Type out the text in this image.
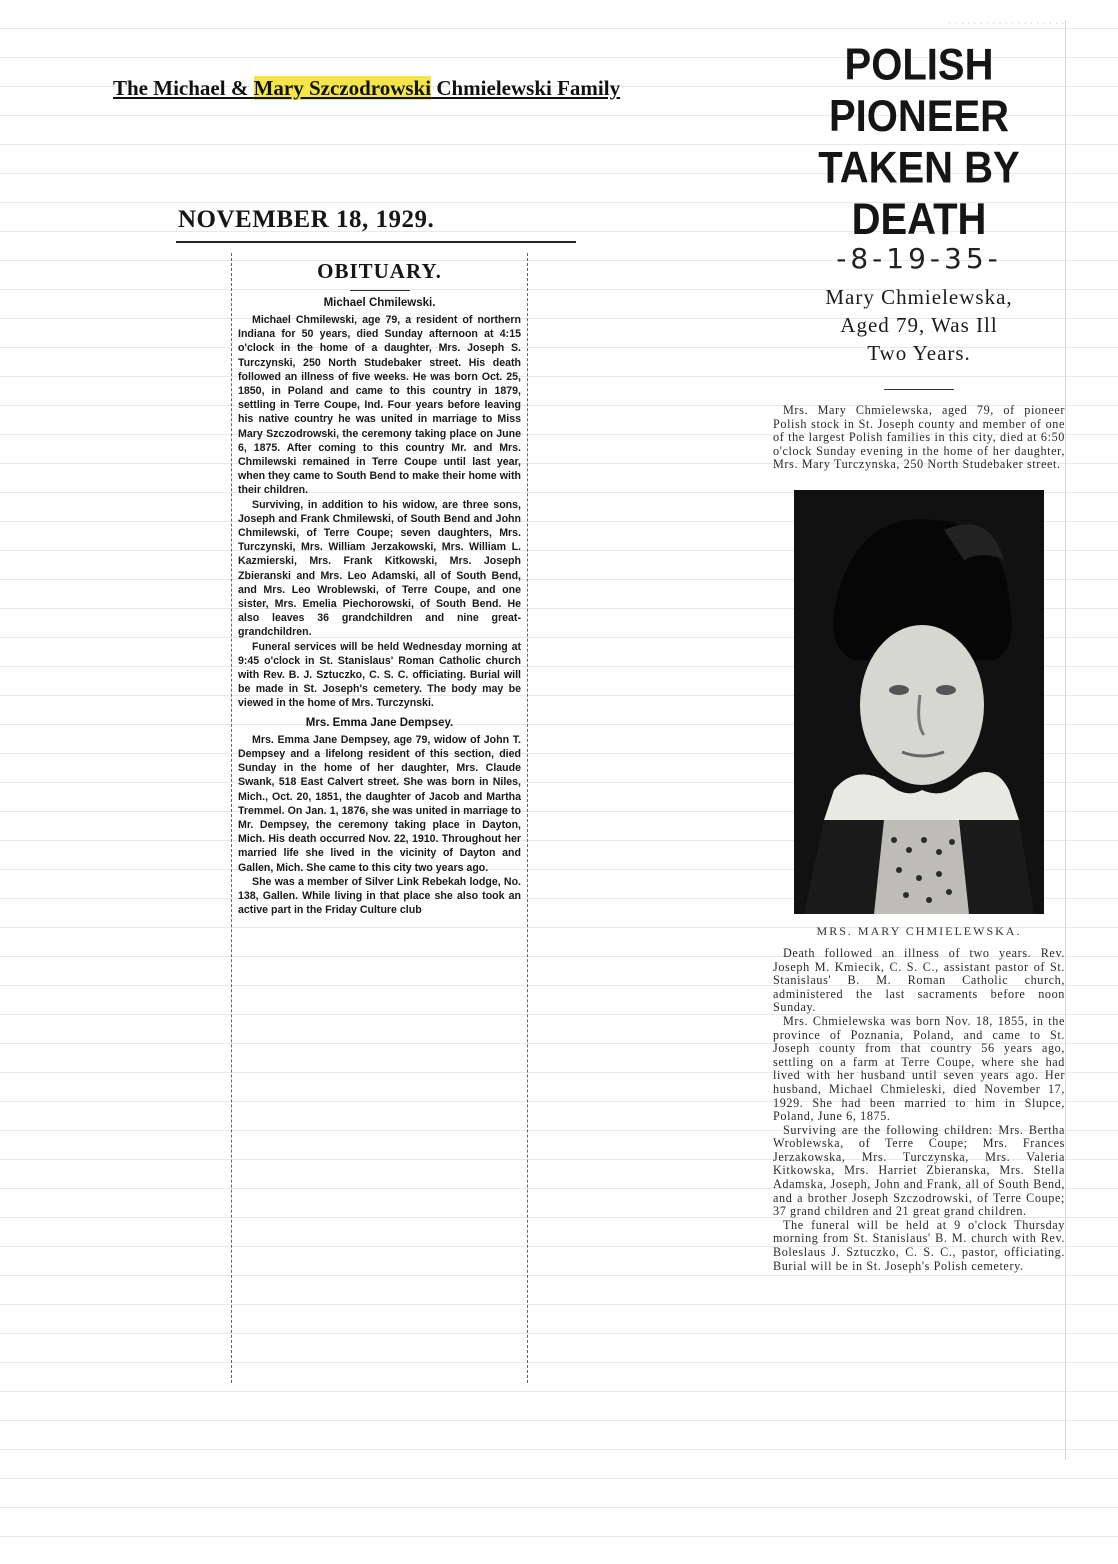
The Michael & Mary Szczodrowski Chmielewski Family
NOVEMBER 18, 1929.
OBITUARY.
Michael Chmilewski.

Michael Chmilewski, age 79, a resident of northern Indiana for 50 years, died Sunday afternoon at 4:15 o'clock in the home of a daughter, Mrs. Joseph S. Turczynski, 250 North Studebaker street. His death followed an illness of five weeks. He was born Oct. 25, 1850, in Poland and came to this country in 1879, settling in Terre Coupe, Ind. Four years before leaving his native country he was united in marriage to Miss Mary Szczodrowski, the ceremony taking place on June 6, 1875. After coming to this country Mr. and Mrs. Chmilewski remained in Terre Coupe until last year, when they came to South Bend to make their home with their children.

Surviving, in addition to his widow, are three sons, Joseph and Frank Chmilewski, of South Bend and John Chmilewski, of Terre Coupe; seven daughters, Mrs. Turczynski, Mrs. William Jerzakowski, Mrs. William L. Kazmierski, Mrs. Frank Kitkowski, Mrs. Joseph Zbieranski and Mrs. Leo Adamski, all of South Bend, and Mrs. Leo Wroblewski, of Terre Coupe, and one sister, Mrs. Emelia Piechorowski, of South Bend. He also leaves 36 grandchildren and nine great-grandchildren.

Funeral services will be held Wednesday morning at 9:45 o'clock in St. Stanislaus' Roman Catholic church with Rev. B. J. Sztuczko, C. S. C. officiating. Burial will be made in St. Joseph's cemetery. The body may be viewed in the home of Mrs. Turczynski.

Mrs. Emma Jane Dempsey.

Mrs. Emma Jane Dempsey, age 79, widow of John T. Dempsey and a lifelong resident of this section, died Sunday in the home of her daughter, Mrs. Claude Swank, 518 East Calvert street. She was born in Niles, Mich., Oct. 20, 1851, the daughter of Jacob and Martha Tremmel. On Jan. 1, 1876, she was united in marriage to Mr. Dempsey, the ceremony taking place in Dayton, Mich. His death occurred Nov. 22, 1910. Throughout her married life she lived in the vicinity of Dayton and Gallen, Mich. She came to this city two years ago.

She was a member of Silver Link Rebekah lodge, No. 138, Gallen. While living in that place she also took an active part in the Friday Culture club

· · · · · · · · · · · · · · · · · · ·
POLISH PIONEER
TAKEN BY DEATH
-8-19-35-
Mary Chmielewska,
Aged 79, Was Ill
Two Years.

Mrs. Mary Chmielewska, aged 79, of pioneer Polish stock in St. Joseph county and member of one of the largest Polish families in this city, died at 6:50 o'clock Sunday evening in the home of her daughter, Mrs. Mary Turczynska, 250 North Studebaker street.

MRS. MARY CHMIELEWSKA.

Death followed an illness of two years. Rev. Joseph M. Kmiecik, C. S. C., assistant pastor of St. Stanislaus' B. M. Roman Catholic church, administered the last sacraments before noon Sunday.

Mrs. Chmielewska was born Nov. 18, 1855, in the province of Poznania, Poland, and came to St. Joseph county from that country 56 years ago, settling on a farm at Terre Coupe, where she had lived with her husband until seven years ago. Her husband, Michael Chmieleski, died November 17, 1929. She had been married to him in Slupce, Poland, June 6, 1875.

Surviving are the following children: Mrs. Bertha Wroblewska, of Terre Coupe; Mrs. Frances Jerzakowska, Mrs. Turczynska, Mrs. Valeria Kitkowska, Mrs. Harriet Zbieranska, Mrs. Stella Adamska, Joseph, John and Frank, all of South Bend, and a brother Joseph Szczodrowski, of Terre Coupe; 37 grand children and 21 great grand children.

The funeral will be held at 9 o'clock Thursday morning from St. Stanislaus' B. M. church with Rev. Boleslaus J. Sztuczko, C. S. C., pastor, officiating. Burial will be in St. Joseph's Polish cemetery.
